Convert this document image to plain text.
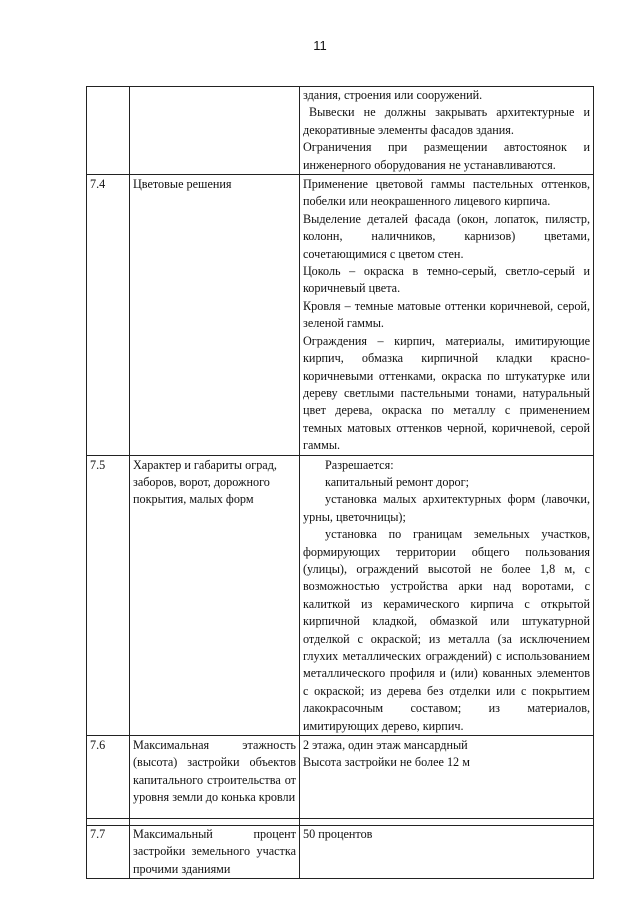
11

		здания, строения или сооружений.

Вывески не должны закрывать архитектурные и декоративные элементы фасадов здания.

Ограничения при размещении автостоянок и инженерного оборудования не устанавливаются.

7.4	Цветовые решения	Применение цветовой гаммы пастельных оттенков, побелки или неокрашенного лицевого кирпича.

Выделение деталей фасада (окон, лопаток, пилястр, колонн, наличников, карнизов) цветами, сочетающимися с цветом стен.

Цоколь – окраска в темно-серый, светло-серый и коричневый цвета.

Кровля – темные матовые оттенки коричневой, серой, зеленой гаммы.

Ограждения – кирпич, материалы, имитирующие кирпич, обмазка кирпичной кладки красно-коричневыми оттенками, окраска по штукатурке или дереву светлыми пастельными тонами, натуральный цвет дерева, окраска по металлу с применением темных матовых оттенков черной, коричневой, серой гаммы.

7.5	Характер и габариты оград, заборов, ворот, дорожного покрытия, малых форм	Разрешается:

капитальный ремонт дорог;

установка малых архитектурных форм (лавочки, урны, цветочницы);

установка по границам земельных участков, формирующих территории общего пользования (улицы), ограждений высотой не более 1,8 м, с возможностью устройства арки над воротами, с калиткой из керамического кирпича с открытой кирпичной кладкой, обмазкой или штукатурной отделкой с окраской; из металла (за исключением глухих металлических ограждений) с использованием металлического профиля и (или) кованных элементов с окраской; из дерева без отделки или с покрытием лакокрасочным составом; из материалов, имитирующих дерево, кирпич.

7.6	Максимальная этажность (высота) застройки объектов капитального строительства от уровня земли до конька кровли	2 этажа, один этаж мансардный

Высота застройки не более 12 м

7.7	Максимальный процент застройки земельного участка прочими зданиями	50 процентов
